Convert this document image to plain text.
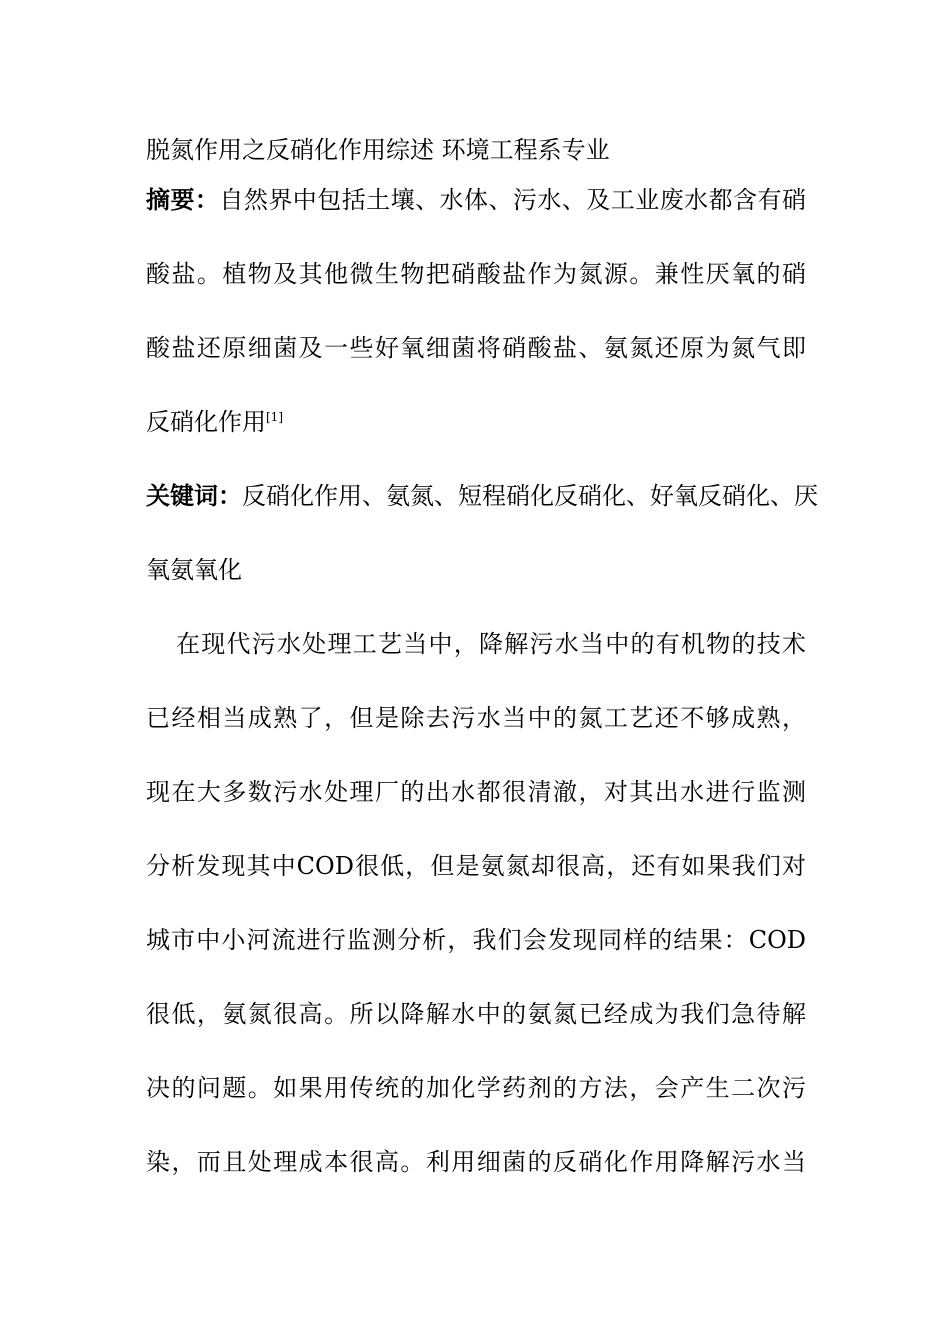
脱氮作用之反硝化作用综述 环境工程系专业
摘要：自然界中包括土壤、水体、污水、及工业废水都含有硝
酸盐。植物及其他微生物把硝酸盐作为氮源。兼性厌氧的硝
酸盐还原细菌及一些好氧细菌将硝酸盐、氨氮还原为氮气即
反硝化作用[1]
关键词：反硝化作用、氨氮、短程硝化反硝化、好氧反硝化、厌
氧氨氧化
在现代污水处理工艺当中，降解污水当中的有机物的技术
已经相当成熟了，但是除去污水当中的氮工艺还不够成熟，
现在大多数污水处理厂的出水都很清澈，对其出水进行监测
分析发现其中COD很低，但是氨氮却很高，还有如果我们对
城市中小河流进行监测分析，我们会发现同样的结果：COD
很低，氨氮很高。所以降解水中的氨氮已经成为我们急待解
决的问题。如果用传统的加化学药剂的方法，会产生二次污
染，而且处理成本很高。利用细菌的反硝化作用降解污水当
